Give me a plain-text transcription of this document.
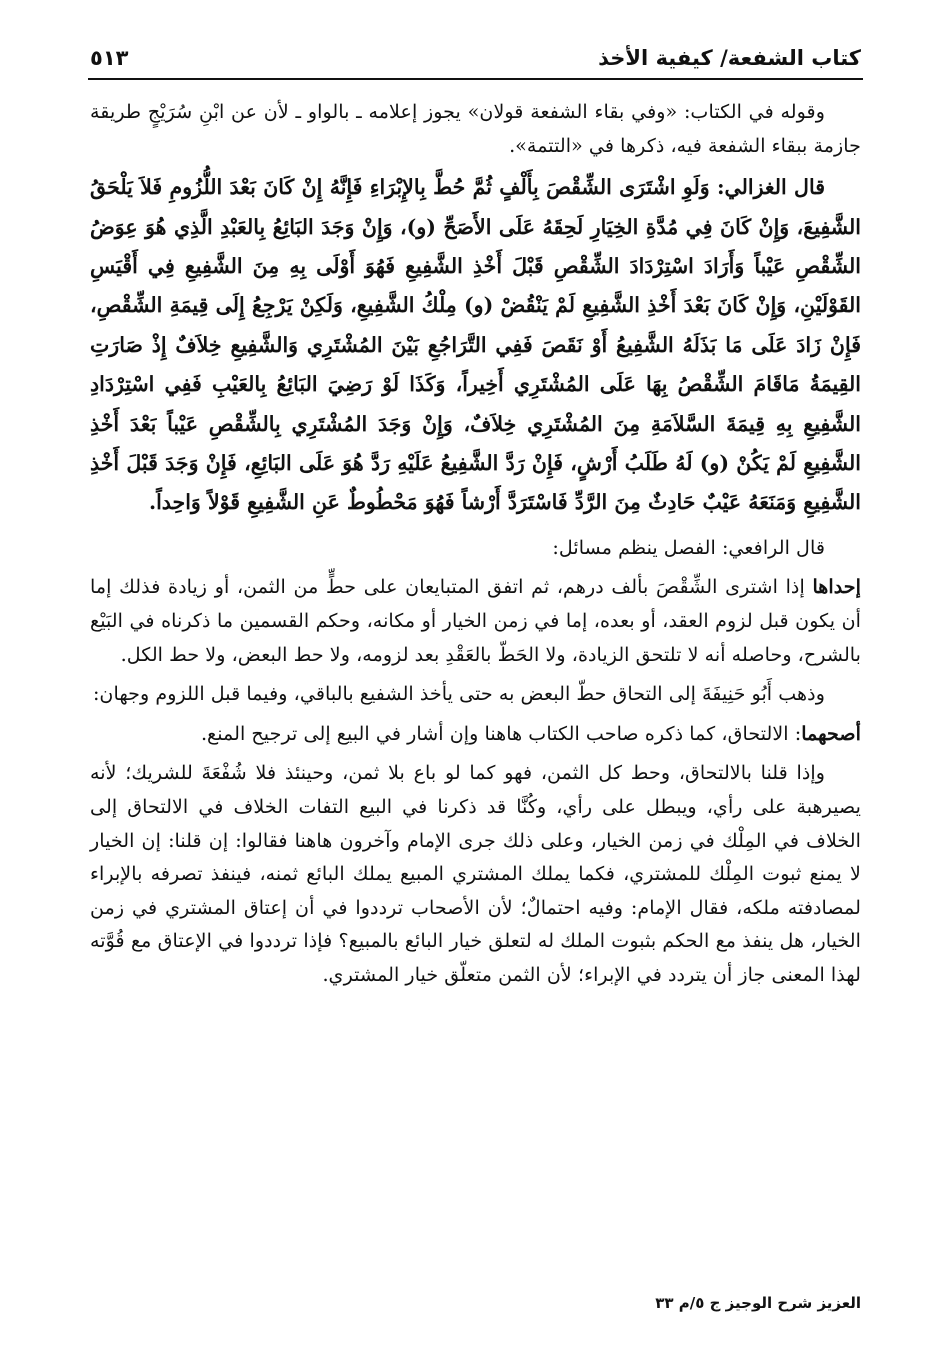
كتاب الشفعة/ كيفية الأخذ
٥١٣

وقوله في الكتاب: «وفي بقاء الشفعة قولان» يجوز إعلامه ـ بالواو ـ لأن عن ابْنِ سُرَيْجٍ طريقة جازمة ببقاء الشفعة فيه، ذكرها في «التتمة».

قال الغزالي: وَلَوِ اشْتَرَى الشِّقْصَ بِأَلْفٍ ثُمَّ حُطَّ بِالإِبْرَاءِ فَإِنَّهُ إِنْ كَانَ بَعْدَ اللُّزُومِ فَلاَ يَلْحَقُ الشَّفِيعَ، وَإِنْ كَانَ فِي مُدَّةِ الخِيَارِ لَحِقَهُ عَلَى الأَصَحِّ (و)، وَإِنْ وَجَدَ البَائِعُ بِالعَبْدِ الَّذِي هُوَ عِوَضُ الشِّقْصِ عَيْباً وَأَرَادَ اسْتِرْدَادَ الشِّقْصِ قَبْلَ أَخْذِ الشَّفِيعِ فَهُوَ أَوْلَى بِهِ مِنَ الشَّفِيعِ فِي أَقْيَسِ القَوْلَيْنِ، وَإِنْ كَانَ بَعْدَ أَخْذِ الشَّفِيعِ لَمْ يَنْقُضْ (و) مِلْكُ الشَّفِيعِ، وَلَكِنْ يَرْجِعُ إِلَى قِيمَةِ الشِّقْصِ، فَإِنْ زَادَ عَلَى مَا بَذَلَهُ الشَّفِيعُ أَوْ نَقَصَ فَفِي التَّرَاجُعِ بَيْنَ المُشْتَرِي وَالشَّفِيعِ خِلاَفٌ إِذْ صَارَتِ القِيمَةُ مَاقَامَ الشِّقْصُ بِهَا عَلَى المُشْتَرِي أَخِيراً، وَكَذَا لَوْ رَضِيَ البَائِعُ بِالعَيْبِ فَفِي اسْتِرْدَادِ الشَّفِيعِ بِهِ قِيمَةَ السَّلاَمَةِ مِنَ المُشْتَرِي خِلاَفٌ، وَإِنْ وَجَدَ المُشْتَرِي بِالشِّقْصِ عَيْباً بَعْدَ أَخْذِ الشَّفِيعِ لَمْ يَكُنْ (و) لَهُ طَلَبُ أَرْشٍ، فَإِنْ رَدَّ الشَّفِيعُ عَلَيْهِ رَدَّ هُوَ عَلَى البَائِعِ، فَإِنْ وَجَدَ قَبْلَ أَخْذِ الشَّفِيعِ وَمَنَعَهُ عَيْبٌ حَادِثٌ مِنَ الرَّدِّ فَاسْتَرَدَّ أَرْشاً فَهُوَ مَحْطُوطٌ عَنِ الشَّفِيعِ قَوْلاً وَاحِداً.

قال الرافعي: الفصل ينظم مسائل:

إحداها إذا اشترى الشِّقْصَ بألف درهم، ثم اتفق المتبايعان على حطٍّ من الثمن، أو زيادة فذلك إما أن يكون قبل لزوم العقد، أو بعده، إما في زمن الخيار أو مكانه، وحكم القسمين ما ذكرناه في البَيْع بالشرح، وحاصله أنه لا تلتحق الزيادة، ولا الحَطّ بالعَقْدِ بعد لزومه، ولا حط البعض، ولا حط الكل.

وذهب أَبُو حَنِيفَةَ إلى التحاق حطّ البعض به حتى يأخذ الشفيع بالباقي، وفيما قبل اللزوم وجهان:

أصحهما: الالتحاق، كما ذكره صاحب الكتاب هاهنا وإن أشار في البيع إلى ترجيح المنع.

وإذا قلنا بالالتحاق، وحط كل الثمن، فهو كما لو باع بلا ثمن، وحينئذ فلا شُفْعَةَ للشريك؛ لأنه يصيرهبة على رأي، ويبطل على رأي، وكُنَّا قد ذكرنا في البيع التفات الخلاف في الالتحاق إلى الخلاف في المِلْك في زمن الخيار، وعلى ذلك جرى الإمام وآخرون هاهنا فقالوا: إن قلنا: إن الخيار لا يمنع ثبوت المِلْك للمشتري، فكما يملك المشتري المبيع يملك البائع ثمنه، فينفذ تصرفه بالإبراء لمصادفته ملكه، فقال الإمام: وفيه احتمالٌ؛ لأن الأصحاب ترددوا في أن إعتاق المشتري في زمن الخيار، هل ينفذ مع الحكم بثبوت الملك له لتعلق خيار البائع بالمبيع؟ فإذا ترددوا في الإعتاق مع قُوَّته لهذا المعنى جاز أن يتردد في الإبراء؛ لأن الثمن متعلّق خيار المشتري.

العزيز شرح الوجيز ج ٥/م ٣٣
